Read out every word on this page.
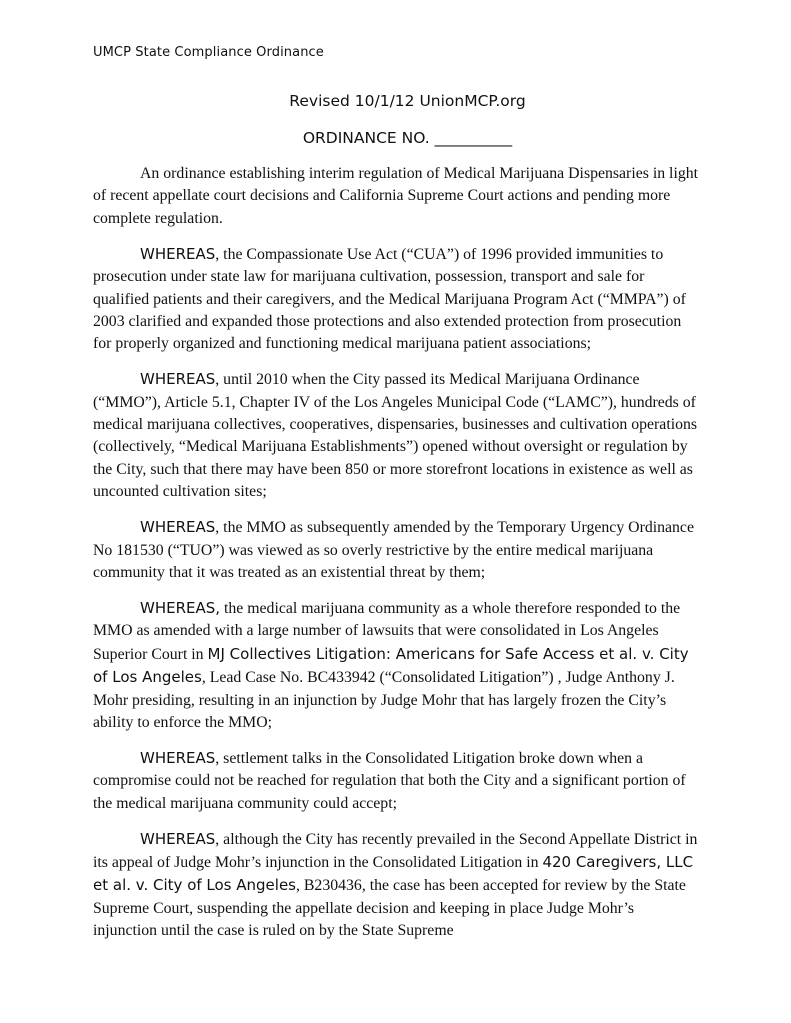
UMCP State Compliance Ordinance
Revised 10/1/12 UnionMCP.org
ORDINANCE NO. __________

An ordinance establishing interim regulation of Medical Marijuana Dispensaries in light of recent appellate court decisions and California Supreme Court actions and pending more complete regulation.

WHEREAS, the Compassionate Use Act (“CUA”) of 1996 provided immunities to prosecution under state law for marijuana cultivation, possession, transport and sale for qualified patients and their caregivers, and the Medical Marijuana Program Act (“MMPA”) of 2003 clarified and expanded those protections and also extended protection from prosecution for properly organized and functioning medical marijuana patient associations;

WHEREAS, until 2010 when the City passed its Medical Marijuana Ordinance (“MMO”), Article 5.1, Chapter IV of the Los Angeles Municipal Code (“LAMC”), hundreds of medical marijuana collectives, cooperatives, dispensaries, businesses and cultivation operations (collectively, “Medical Marijuana Establishments”) opened without oversight or regulation by the City, such that there may have been 850 or more storefront locations in existence as well as uncounted cultivation sites;

WHEREAS, the MMO as subsequently amended by the Temporary Urgency Ordinance No 181530 (“TUO”) was viewed as so overly restrictive by the entire medical marijuana community that it was treated as an existential threat by them;

WHEREAS, the medical marijuana community as a whole therefore responded to the MMO as amended with a large number of lawsuits that were consolidated in Los Angeles Superior Court in MJ Collectives Litigation: Americans for Safe Access et al. v. City of Los Angeles, Lead Case No. BC433942 (“Consolidated Litigation”) , Judge Anthony J. Mohr presiding, resulting in an injunction by Judge Mohr that has largely frozen the City’s ability to enforce the MMO;

WHEREAS, settlement talks in the Consolidated Litigation broke down when a compromise could not be reached for regulation that both the City and a significant portion of the medical marijuana community could accept;

WHEREAS, although the City has recently prevailed in the Second Appellate District in its appeal of Judge Mohr’s injunction in the Consolidated Litigation in 420 Caregivers, LLC et al. v. City of Los Angeles, B230436, the case has been accepted for review by the State Supreme Court, suspending the appellate decision and keeping in place Judge Mohr’s injunction until the case is ruled on by the State Supreme
